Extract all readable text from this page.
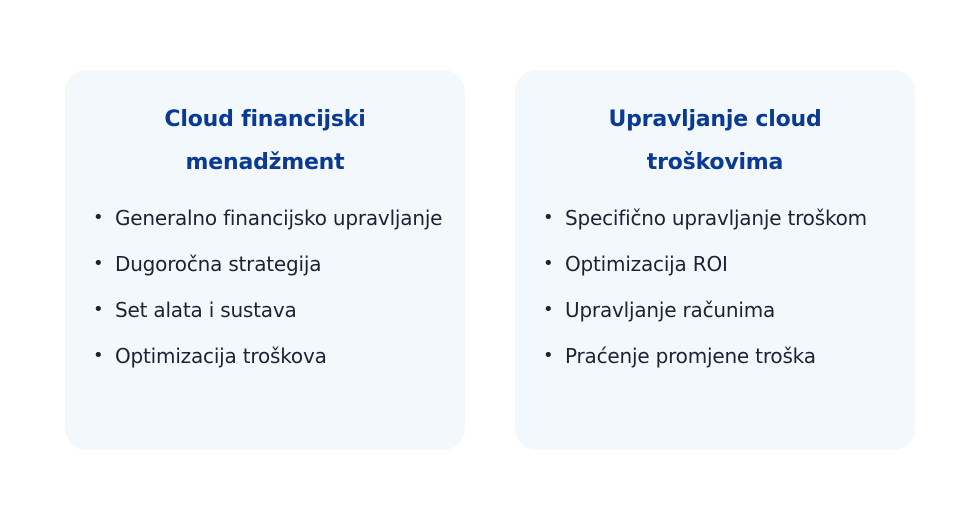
Cloud financijski
menadžment
• Generalno financijsko upravljanje
• Dugoročna strategija
• Set alata i sustava
• Optimizacija troškova
Upravljanje cloud
troškovima
• Specifično upravljanje troškom
• Optimizacija ROI
• Upravljanje računima
• Praćenje promjene troška
